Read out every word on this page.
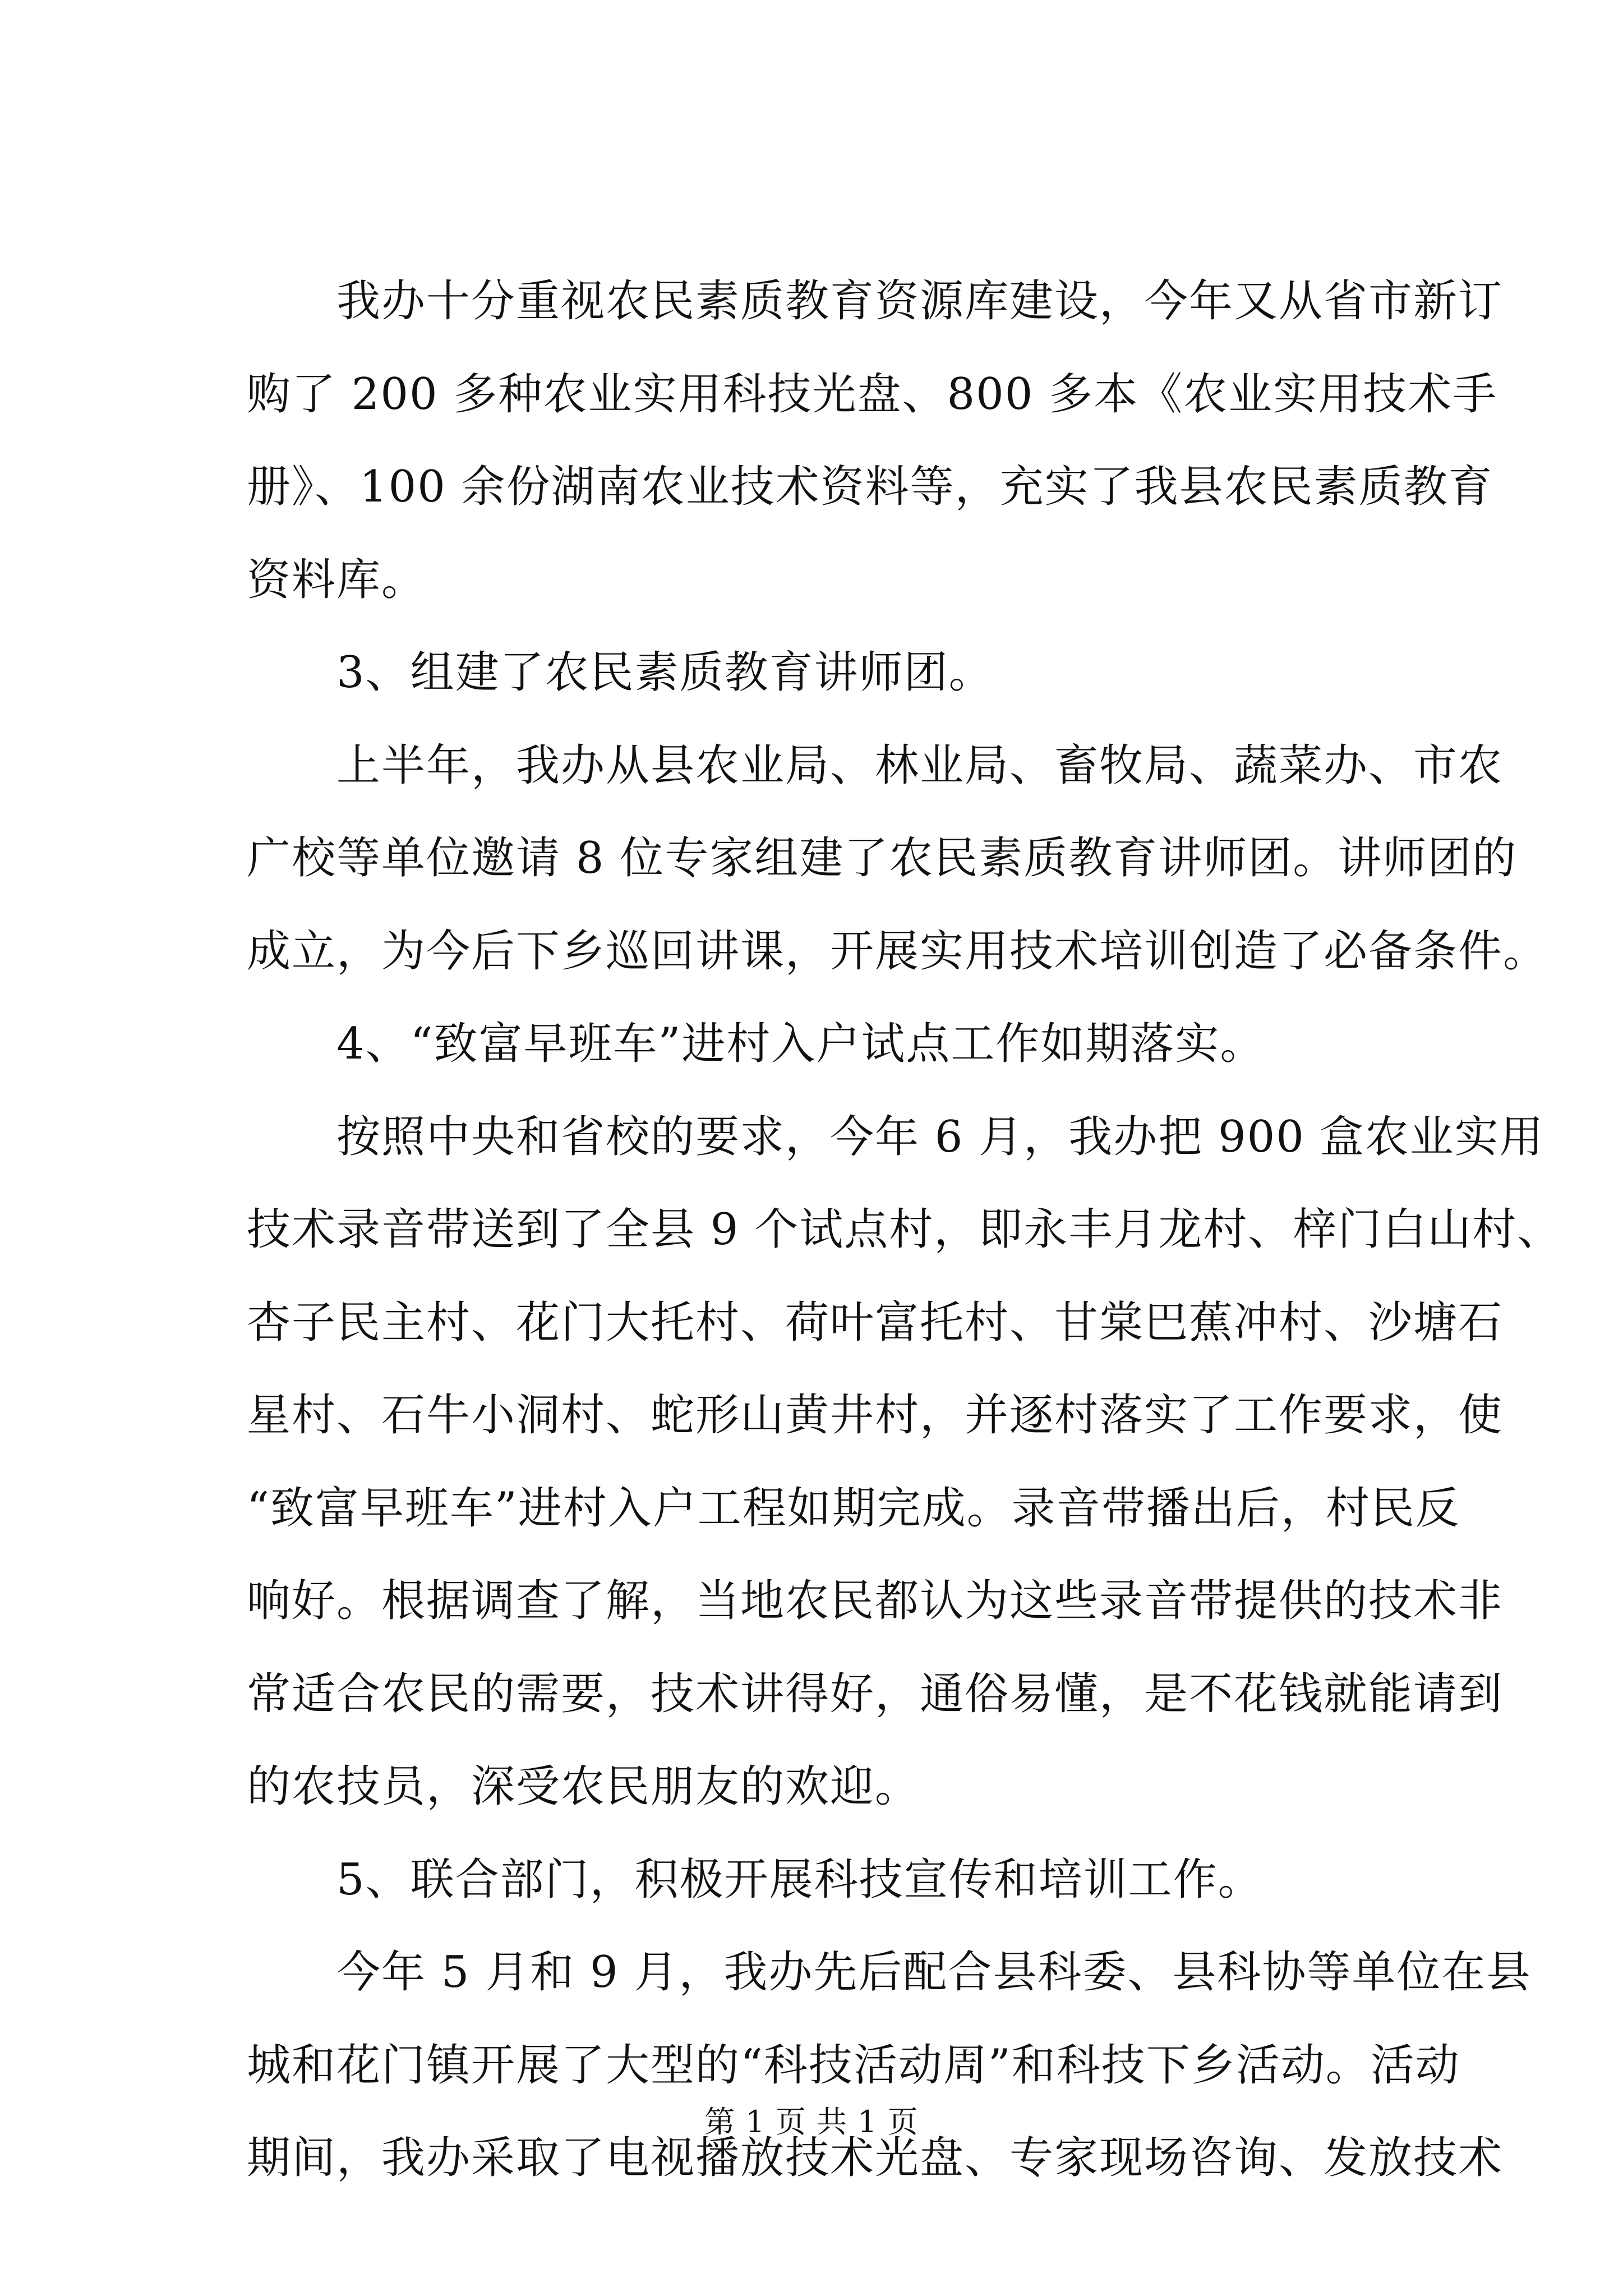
我办十分重视农民素质教育资源库建设，今年又从省市新订
购了 200 多种农业实用科技光盘、800 多本《农业实用技术手
册》、100 余份湖南农业技术资料等，充实了我县农民素质教育
资料库。
3、组建了农民素质教育讲师团。
上半年，我办从县农业局、林业局、畜牧局、蔬菜办、市农
广校等单位邀请 8 位专家组建了农民素质教育讲师团。讲师团的
成立，为今后下乡巡回讲课，开展实用技术培训创造了必备条件。
4、“致富早班车”进村入户试点工作如期落实。
按照中央和省校的要求，今年 6 月，我办把 900 盒农业实用
技术录音带送到了全县 9 个试点村，即永丰月龙村、梓门白山村、
杏子民主村、花门大托村、荷叶富托村、甘棠巴蕉冲村、沙塘石
星村、石牛小洞村、蛇形山黄井村，并逐村落实了工作要求，使
“致富早班车”进村入户工程如期完成。录音带播出后，村民反
响好。根据调查了解，当地农民都认为这些录音带提供的技术非
常适合农民的需要，技术讲得好，通俗易懂，是不花钱就能请到
的农技员，深受农民朋友的欢迎。
5、联合部门，积极开展科技宣传和培训工作。
今年 5 月和 9 月，我办先后配合县科委、县科协等单位在县
城和花门镇开展了大型的“科技活动周”和科技下乡活动。活动
期间，我办采取了电视播放技术光盘、专家现场咨询、发放技术
第 1 页 共 1 页
